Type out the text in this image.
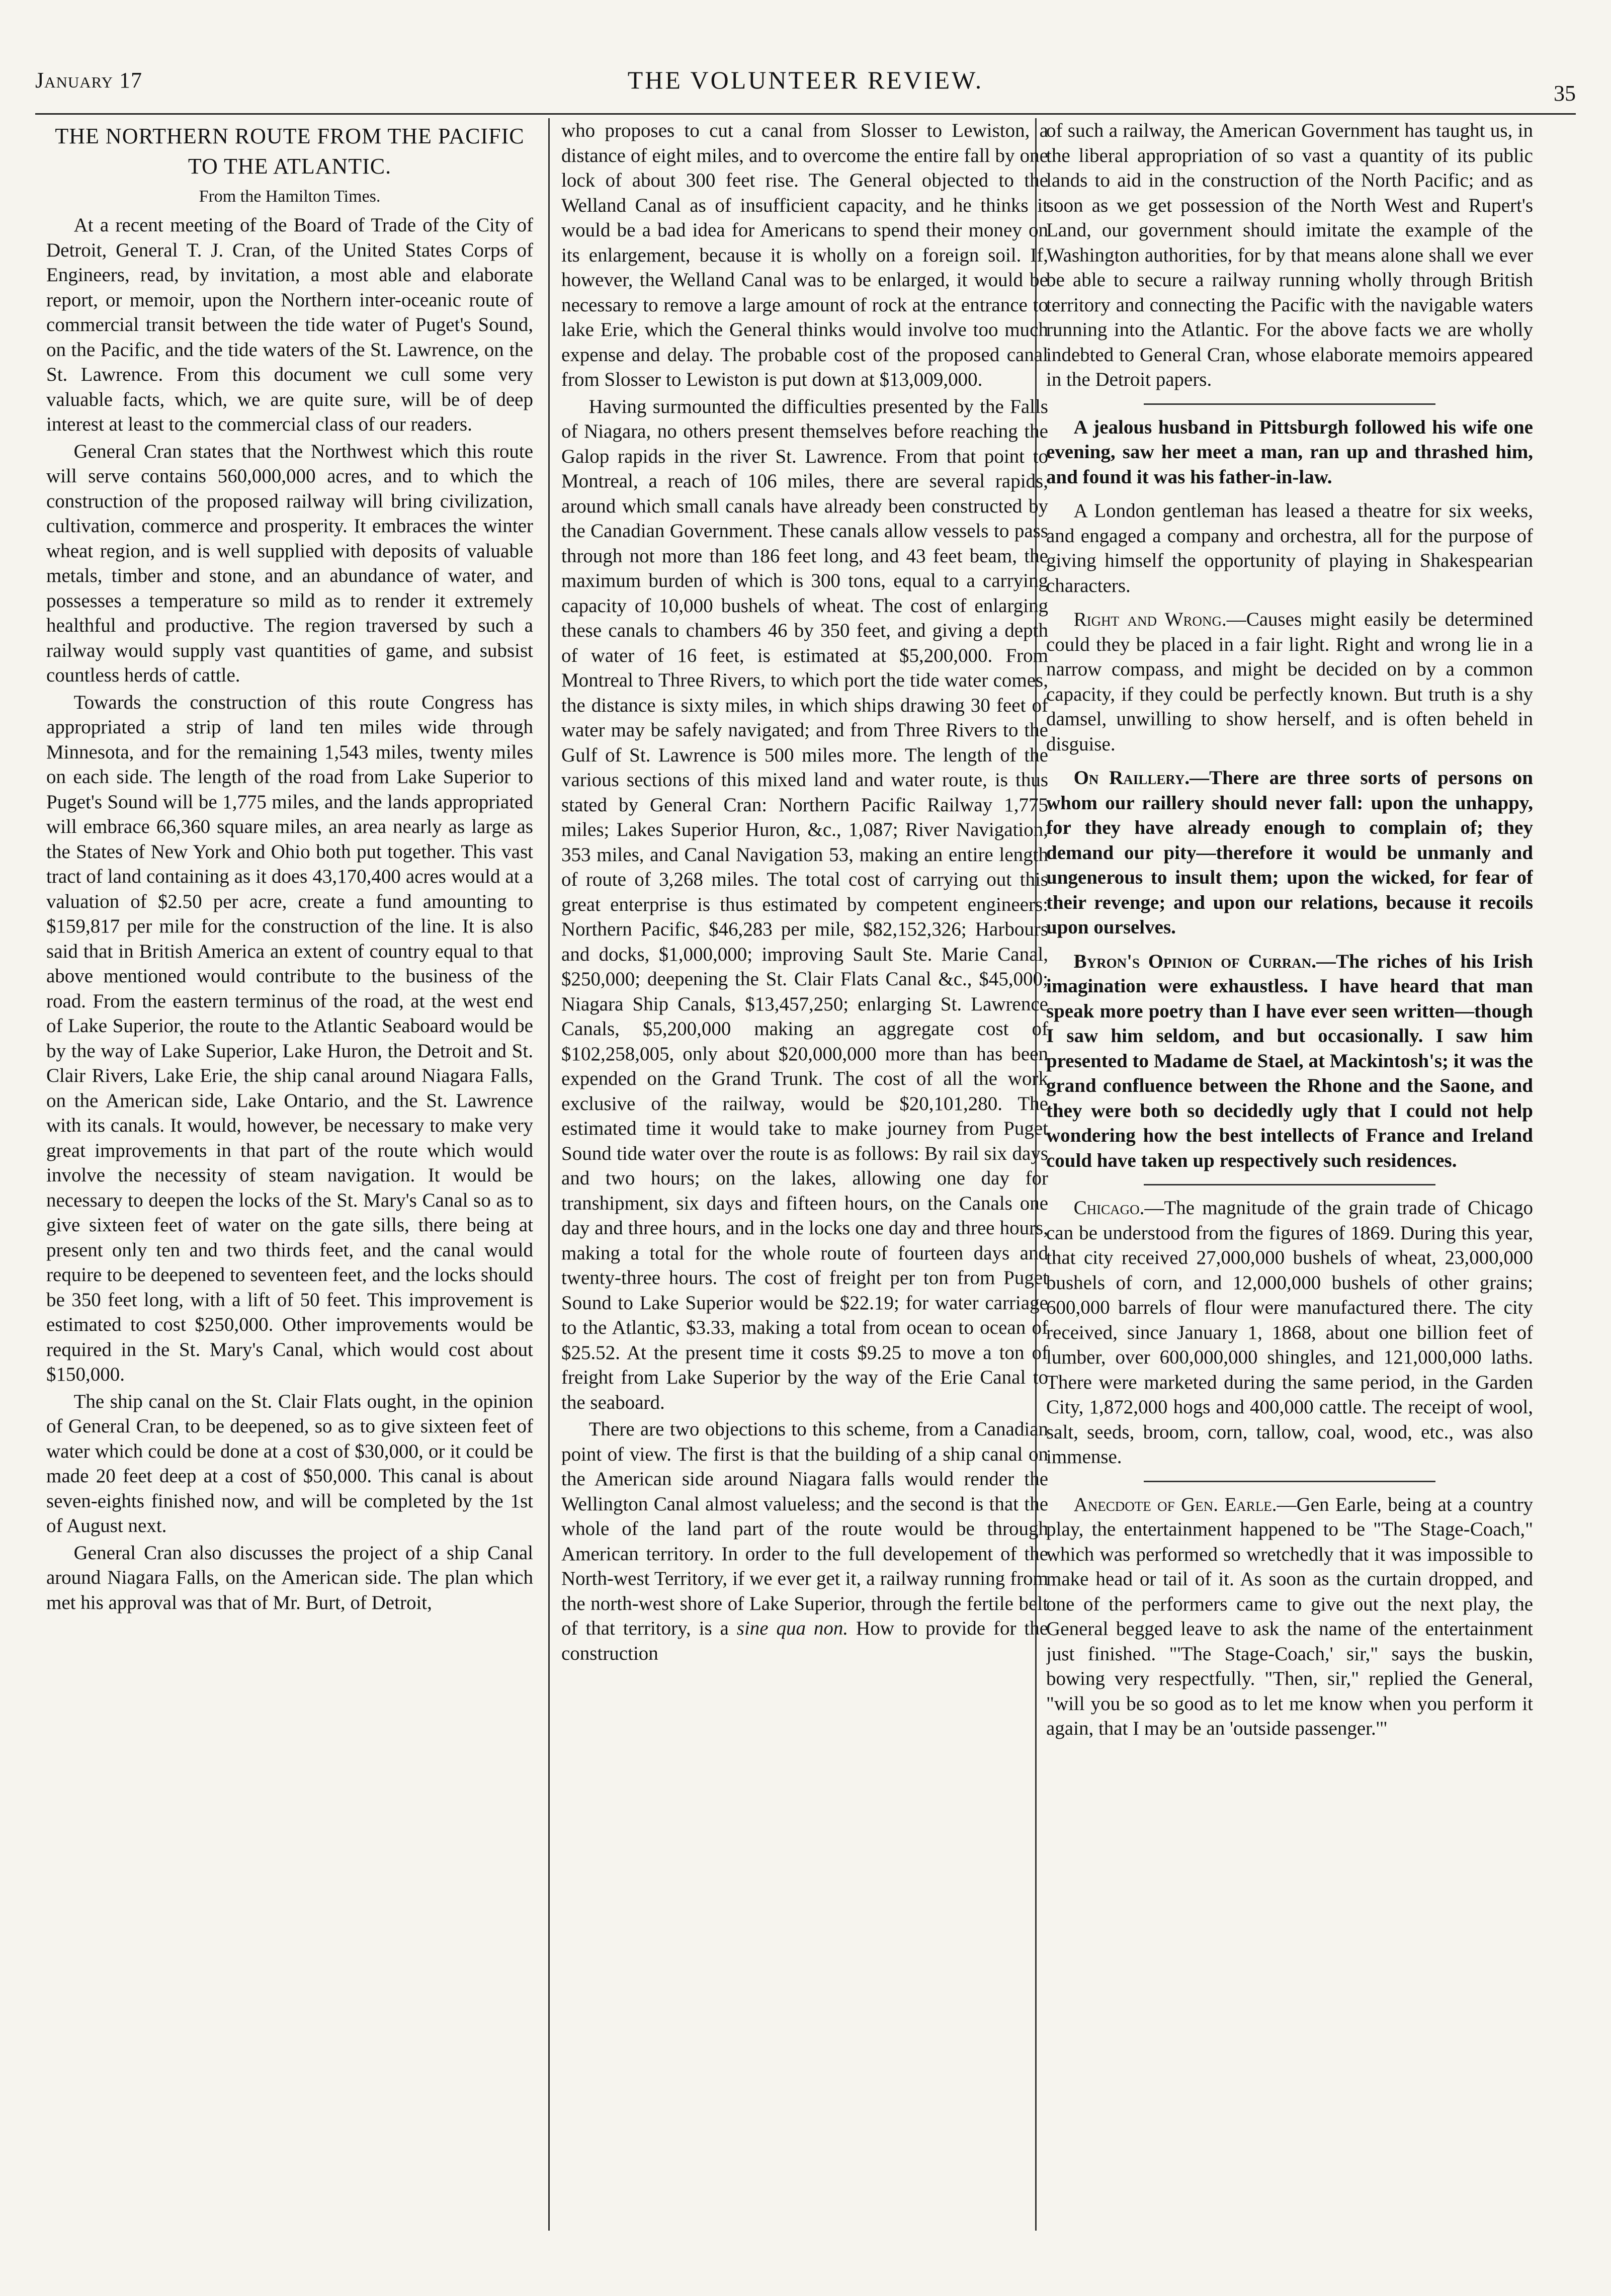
January 17	THE VOLUNTEER REVIEW.	35

THE NORTHERN ROUTE FROM THE PACIFIC TO THE ATLANTIC.

From the Hamilton Times.

At a recent meeting of the Board of Trade of the City of Detroit, General T. J. Cran, of the United States Corps of Engineers, read, by invitation, a most able and elaborate report, or memoir, upon the Northern inter-oceanic route of commercial transit between the tide water of Puget's Sound, on the Pacific, and the tide waters of the St. Lawrence, on the St. Lawrence. From this document we cull some very valuable facts, which, we are quite sure, will be of deep interest at least to the commercial class of our readers.

General Cran states that the Northwest which this route will serve contains 560,000,000 acres, and to which the construction of the proposed railway will bring civilization, cultivation, commerce and prosperity. It embraces the winter wheat region, and is well supplied with deposits of valuable metals, timber and stone, and an abundance of water, and possesses a temperature so mild as to render it extremely healthful and productive. The region traversed by such a railway would supply vast quantities of game, and subsist countless herds of cattle.

Towards the construction of this route Congress has appropriated a strip of land ten miles wide through Minnesota, and for the remaining 1,543 miles, twenty miles on each side. The length of the road from Lake Superior to Puget's Sound will be 1,775 miles, and the lands appropriated will embrace 66,360 square miles, an area nearly as large as the States of New York and Ohio both put together. This vast tract of land containing as it does 43,170,400 acres would at a valuation of $2.50 per acre, create a fund amounting to $159,817 per mile for the construction of the line. It is also said that in British America an extent of country equal to that above mentioned would contribute to the business of the road. From the eastern terminus of the road, at the west end of Lake Superior, the route to the Atlantic Seaboard would be by the way of Lake Superior, Lake Huron, the Detroit and St. Clair Rivers, Lake Erie, the ship canal around Niagara Falls, on the American side, Lake Ontario, and the St. Lawrence with its canals. It would, however, be necessary to make very great improvements in that part of the route which would involve the necessity of steam navigation. It would be necessary to deepen the locks of the St. Mary's Canal so as to give sixteen feet of water on the gate sills, there being at present only ten and two thirds feet, and the canal would require to be deepened to seventeen feet, and the locks should be 350 feet long, with a lift of 50 feet. This improvement is estimated to cost $250,000. Other improvements would be required in the St. Mary's Canal, which would cost about $150,000.

The ship canal on the St. Clair Flats ought, in the opinion of General Cran, to be deepened, so as to give sixteen feet of water which could be done at a cost of $30,000, or it could be made 20 feet deep at a cost of $50,000. This canal is about seven-eights finished now, and will be completed by the 1st of August next.

General Cran also discusses the project of a ship Canal around Niagara Falls, on the American side. The plan which met his approval was that of Mr. Burt, of Detroit,

who proposes to cut a canal from Slosser to Lewiston, a distance of eight miles, and to overcome the entire fall by one lock of about 300 feet rise. The General objected to the Welland Canal as of insufficient capacity, and he thinks it would be a bad idea for Americans to spend their money on its enlargement, because it is wholly on a foreign soil. If, however, the Welland Canal was to be enlarged, it would be necessary to remove a large amount of rock at the entrance to lake Erie, which the General thinks would involve too much expense and delay. The probable cost of the proposed canal from Slosser to Lewiston is put down at $13,009,000.

Having surmounted the difficulties presented by the Falls of Niagara, no others present themselves before reaching the Galop rapids in the river St. Lawrence. From that point to Montreal, a reach of 106 miles, there are several rapids, around which small canals have already been constructed by the Canadian Government. These canals allow vessels to pass through not more than 186 feet long, and 43 feet beam, the maximum burden of which is 300 tons, equal to a carrying capacity of 10,000 bushels of wheat. The cost of enlarging these canals to chambers 46 by 350 feet, and giving a depth of water of 16 feet, is estimated at $5,200,000. From Montreal to Three Rivers, to which port the tide water comes, the distance is sixty miles, in which ships drawing 30 feet of water may be safely navigated; and from Three Rivers to the Gulf of St. Lawrence is 500 miles more. The length of the various sections of this mixed land and water route, is thus stated by General Cran: Northern Pacific Railway 1,775 miles; Lakes Superior Huron, &c., 1,087; River Navigation, 353 miles, and Canal Navigation 53, making an entire length of route of 3,268 miles. The total cost of carrying out this great enterprise is thus estimated by competent engineers: Northern Pacific, $46,283 per mile, $82,152,326; Harbours and docks, $1,000,000; improving Sault Ste. Marie Canal, $250,000; deepening the St. Clair Flats Canal &c., $45,000; Niagara Ship Canals, $13,457,250; enlarging St. Lawrence Canals, $5,200,000 making an aggregate cost of $102,258,005, only about $20,000,000 more than has been expended on the Grand Trunk. The cost of all the work exclusive of the railway, would be $20,101,280. The estimated time it would take to make journey from Puget Sound tide water over the route is as follows: By rail six days and two hours; on the lakes, allowing one day for transhipment, six days and fifteen hours, on the Canals one day and three hours, and in the locks one day and three hours, making a total for the whole route of fourteen days and twenty-three hours. The cost of freight per ton from Puget Sound to Lake Superior would be $22.19; for water carriage to the Atlantic, $3.33, making a total from ocean to ocean of $25.52. At the present time it costs $9.25 to move a ton of freight from Lake Superior by the way of the Erie Canal to the seaboard.

There are two objections to this scheme, from a Canadian point of view. The first is that the building of a ship canal on the American side around Niagara falls would render the Wellington Canal almost valueless; and the second is that the whole of the land part of the route would be through American territory. In order to the full developement of the North-west Territory, if we ever get it, a railway running from the north-west shore of Lake Superior, through the fertile belt of that territory, is a sine qua non. How to provide for the construction

of such a railway, the American Government has taught us, in the liberal appropriation of so vast a quantity of its public lands to aid in the construction of the North Pacific; and as soon as we get possession of the North West and Rupert's Land, our government should imitate the example of the Washington authorities, for by that means alone shall we ever be able to secure a railway running wholly through British territory and connecting the Pacific with the navigable waters running into the Atlantic. For the above facts we are wholly indebted to General Cran, whose elaborate memoirs appeared in the Detroit papers.

A jealous husband in Pittsburgh followed his wife one evening, saw her meet a man, ran up and thrashed him, and found it was his father-in-law.

A London gentleman has leased a theatre for six weeks, and engaged a company and orchestra, all for the purpose of giving himself the opportunity of playing in Shakespearian characters.

Right and Wrong.—Causes might easily be determined could they be placed in a fair light. Right and wrong lie in a narrow compass, and might be decided on by a common capacity, if they could be perfectly known. But truth is a shy damsel, unwilling to show herself, and is often beheld in disguise.

On Raillery.—There are three sorts of persons on whom our raillery should never fall: upon the unhappy, for they have already enough to complain of; they demand our pity—therefore it would be unmanly and ungenerous to insult them; upon the wicked, for fear of their revenge; and upon our relations, because it recoils upon ourselves.

Byron's Opinion of Curran.—The riches of his Irish imagination were exhaustless. I have heard that man speak more poetry than I have ever seen written—though I saw him seldom, and but occasionally. I saw him presented to Madame de Stael, at Mackintosh's; it was the grand confluence between the Rhone and the Saone, and they were both so decidedly ugly that I could not help wondering how the best intellects of France and Ireland could have taken up respectively such residences.

Chicago.—The magnitude of the grain trade of Chicago can be understood from the figures of 1869. During this year, that city received 27,000,000 bushels of wheat, 23,000,000 bushels of corn, and 12,000,000 bushels of other grains; 600,000 barrels of flour were manufactured there. The city received, since January 1, 1868, about one billion feet of lumber, over 600,000,000 shingles, and 121,000,000 laths. There were marketed during the same period, in the Garden City, 1,872,000 hogs and 400,000 cattle. The receipt of wool, salt, seeds, broom, corn, tallow, coal, wood, etc., was also immense.

Anecdote of Gen. Earle.—Gen Earle, being at a country play, the entertainment happened to be "The Stage-Coach," which was performed so wretchedly that it was impossible to make head or tail of it. As soon as the curtain dropped, and one of the performers came to give out the next play, the General begged leave to ask the name of the entertainment just finished. "'The Stage-Coach,' sir," says the buskin, bowing very respectfully. "Then, sir," replied the General, "will you be so good as to let me know when you perform it again, that I may be an 'outside passenger.'"
